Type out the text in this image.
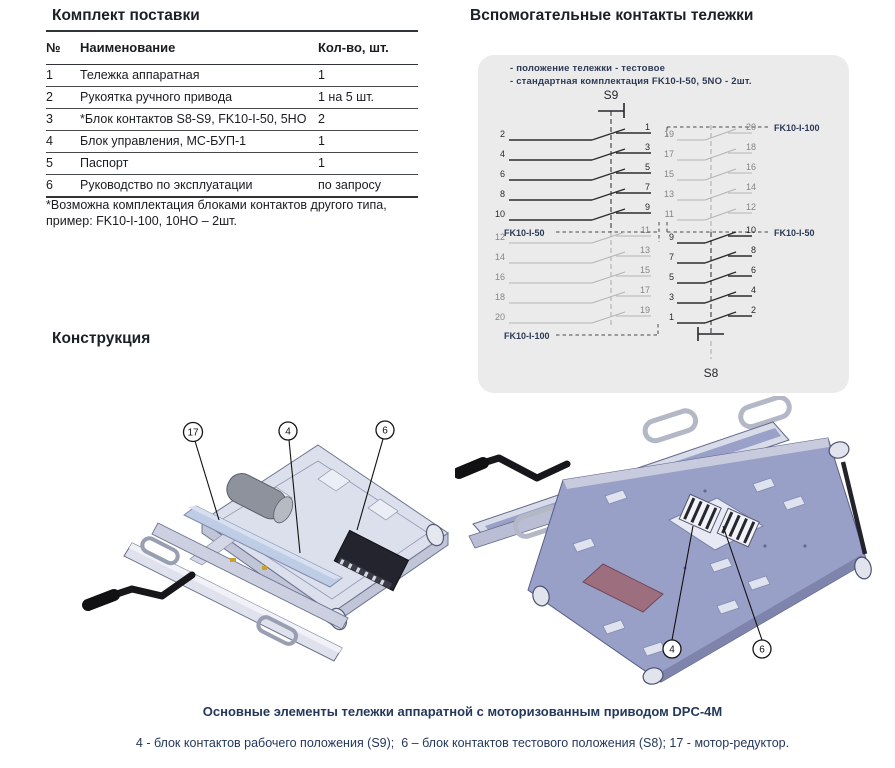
Комплект поставки
№	Наименование	Кол-во, шт.
1	Тележка аппаратная	1
2	Рукоятка ручного привода	1 на 5 шт.
3	*Блок контактов S8-S9, FK10-I-50, 5НО	2
4	Блок управления, МС-БУП-1	1
5	Паспорт	1
6	Руководство по эксплуатации	по запросу
*Возможна комплектация блоками контактов другого типа,
пример: FK10-I-100, 10НО – 2шт.
Конструкция
Вспомогательные контакты тележки
- положение тележки - тестовое
- стандартная комплектация FK10-I-50, 5NO - 2шт.
S9
S8
FK10-I-50
FK10-I-100
FK10-I-100
FK10-I-50
2
1
4
3
6
5
8
7
10
9
12
11
14
13
16
15
18
17
20
19
19
20
17
18
15
16
13
14
11
12
9
10
7
8
5
6
3
4
1
2
17	4	6
4	6
Основные элементы тележки аппаратной с моторизованным приводом DPC-4M
4 - блок контактов рабочего положения (S9);  6 – блок контактов тестового положения (S8); 17 - мотор-редуктор.
